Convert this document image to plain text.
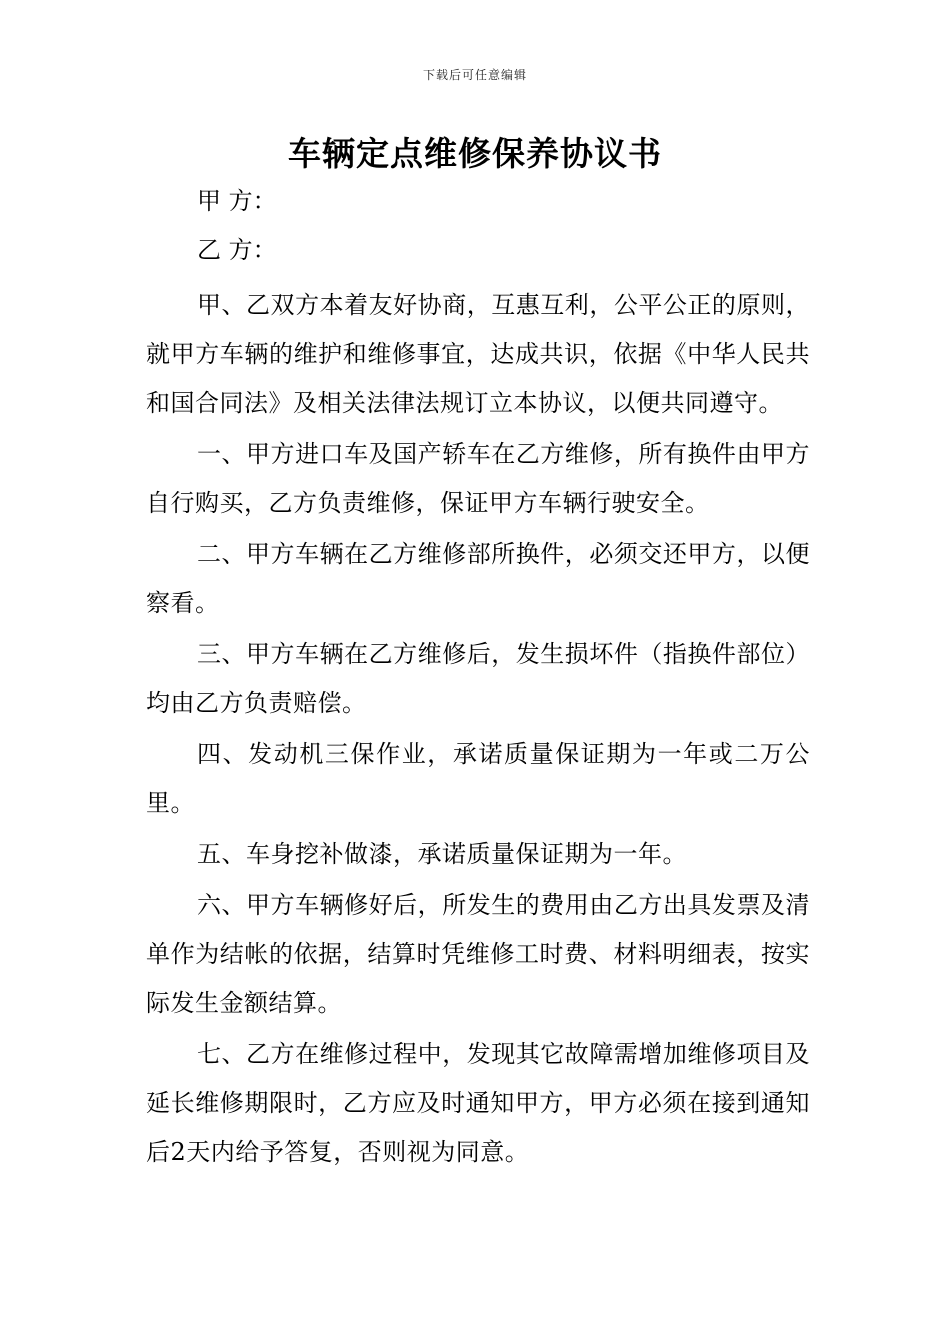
下载后可任意编辑
车辆定点维修保养协议书

甲 方：

乙 方：

甲、乙双方本着友好协商，互惠互利，公平公正的原则，就甲方车辆的维护和维修事宜，达成共识，依据《中华人民共和国合同法》及相关法律法规订立本协议，以便共同遵守。

一、甲方进口车及国产轿车在乙方维修，所有换件由甲方自行购买，乙方负责维修，保证甲方车辆行驶安全。

二、甲方车辆在乙方维修部所换件，必须交还甲方，以便察看。

三、甲方车辆在乙方维修后，发生损坏件（指换件部位）均由乙方负责赔偿。

四、发动机三保作业，承诺质量保证期为一年或二万公里。

五、车身挖补做漆，承诺质量保证期为一年。

六、甲方车辆修好后，所发生的费用由乙方出具发票及清单作为结帐的依据，结算时凭维修工时费、材料明细表，按实际发生金额结算。

七、乙方在维修过程中，发现其它故障需增加维修项目及延长维修期限时，乙方应及时通知甲方，甲方必须在接到通知后2天内给予答复，否则视为同意。
